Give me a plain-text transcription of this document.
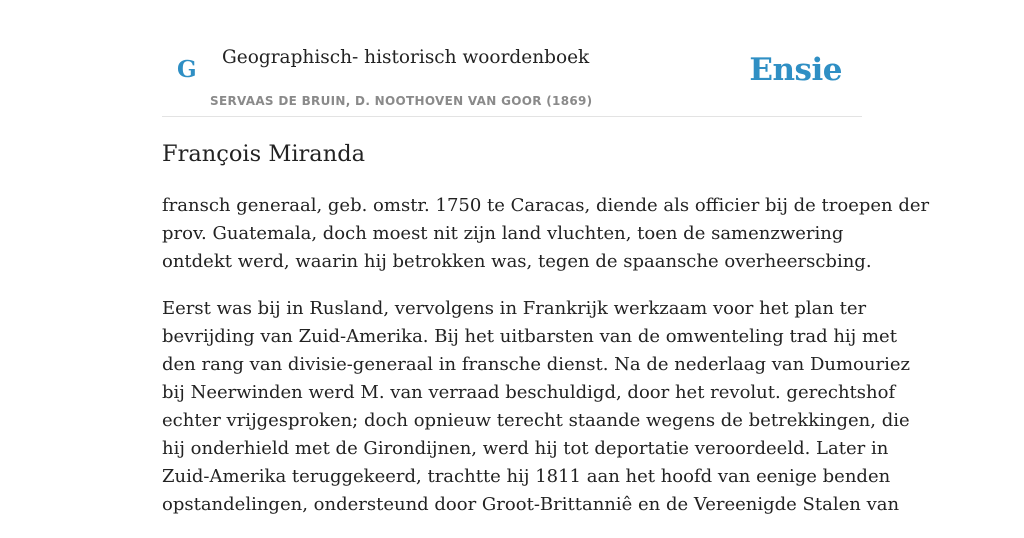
G Geographisch- historisch woordenboek
SERVAAS DE BRUIN, D. NOOTHOVEN VAN GOOR (1869)
Ensie
François Miranda

fransch generaal, geb. omstr. 1750 te Caracas, diende als officier bij de troepen der
prov. Guatemala, doch moest nit zijn land vluchten, toen de samenzwering
ontdekt werd, waarin hij betrokken was, tegen de spaansche overheerscbing.

Eerst was bij in Rusland, vervolgens in Frankrijk werkzaam voor het plan ter
bevrijding van Zuid-Amerika. Bij het uitbarsten van de omwenteling trad hij met
den rang van divisie-generaal in fransche dienst. Na de nederlaag van Dumouriez
bij Neerwinden werd M. van verraad beschuldigd, door het revolut. gerechtshof
echter vrijgesproken; doch opnieuw terecht staande wegens de betrekkingen, die
hij onderhield met de Girondijnen, werd hij tot deportatie veroordeeld. Later in
Zuid-Amerika teruggekeerd, trachtte hij 1811 aan het hoofd van eenige benden
opstandelingen, ondersteund door Groot-Brittanniê en de Vereenigde Stalen van
